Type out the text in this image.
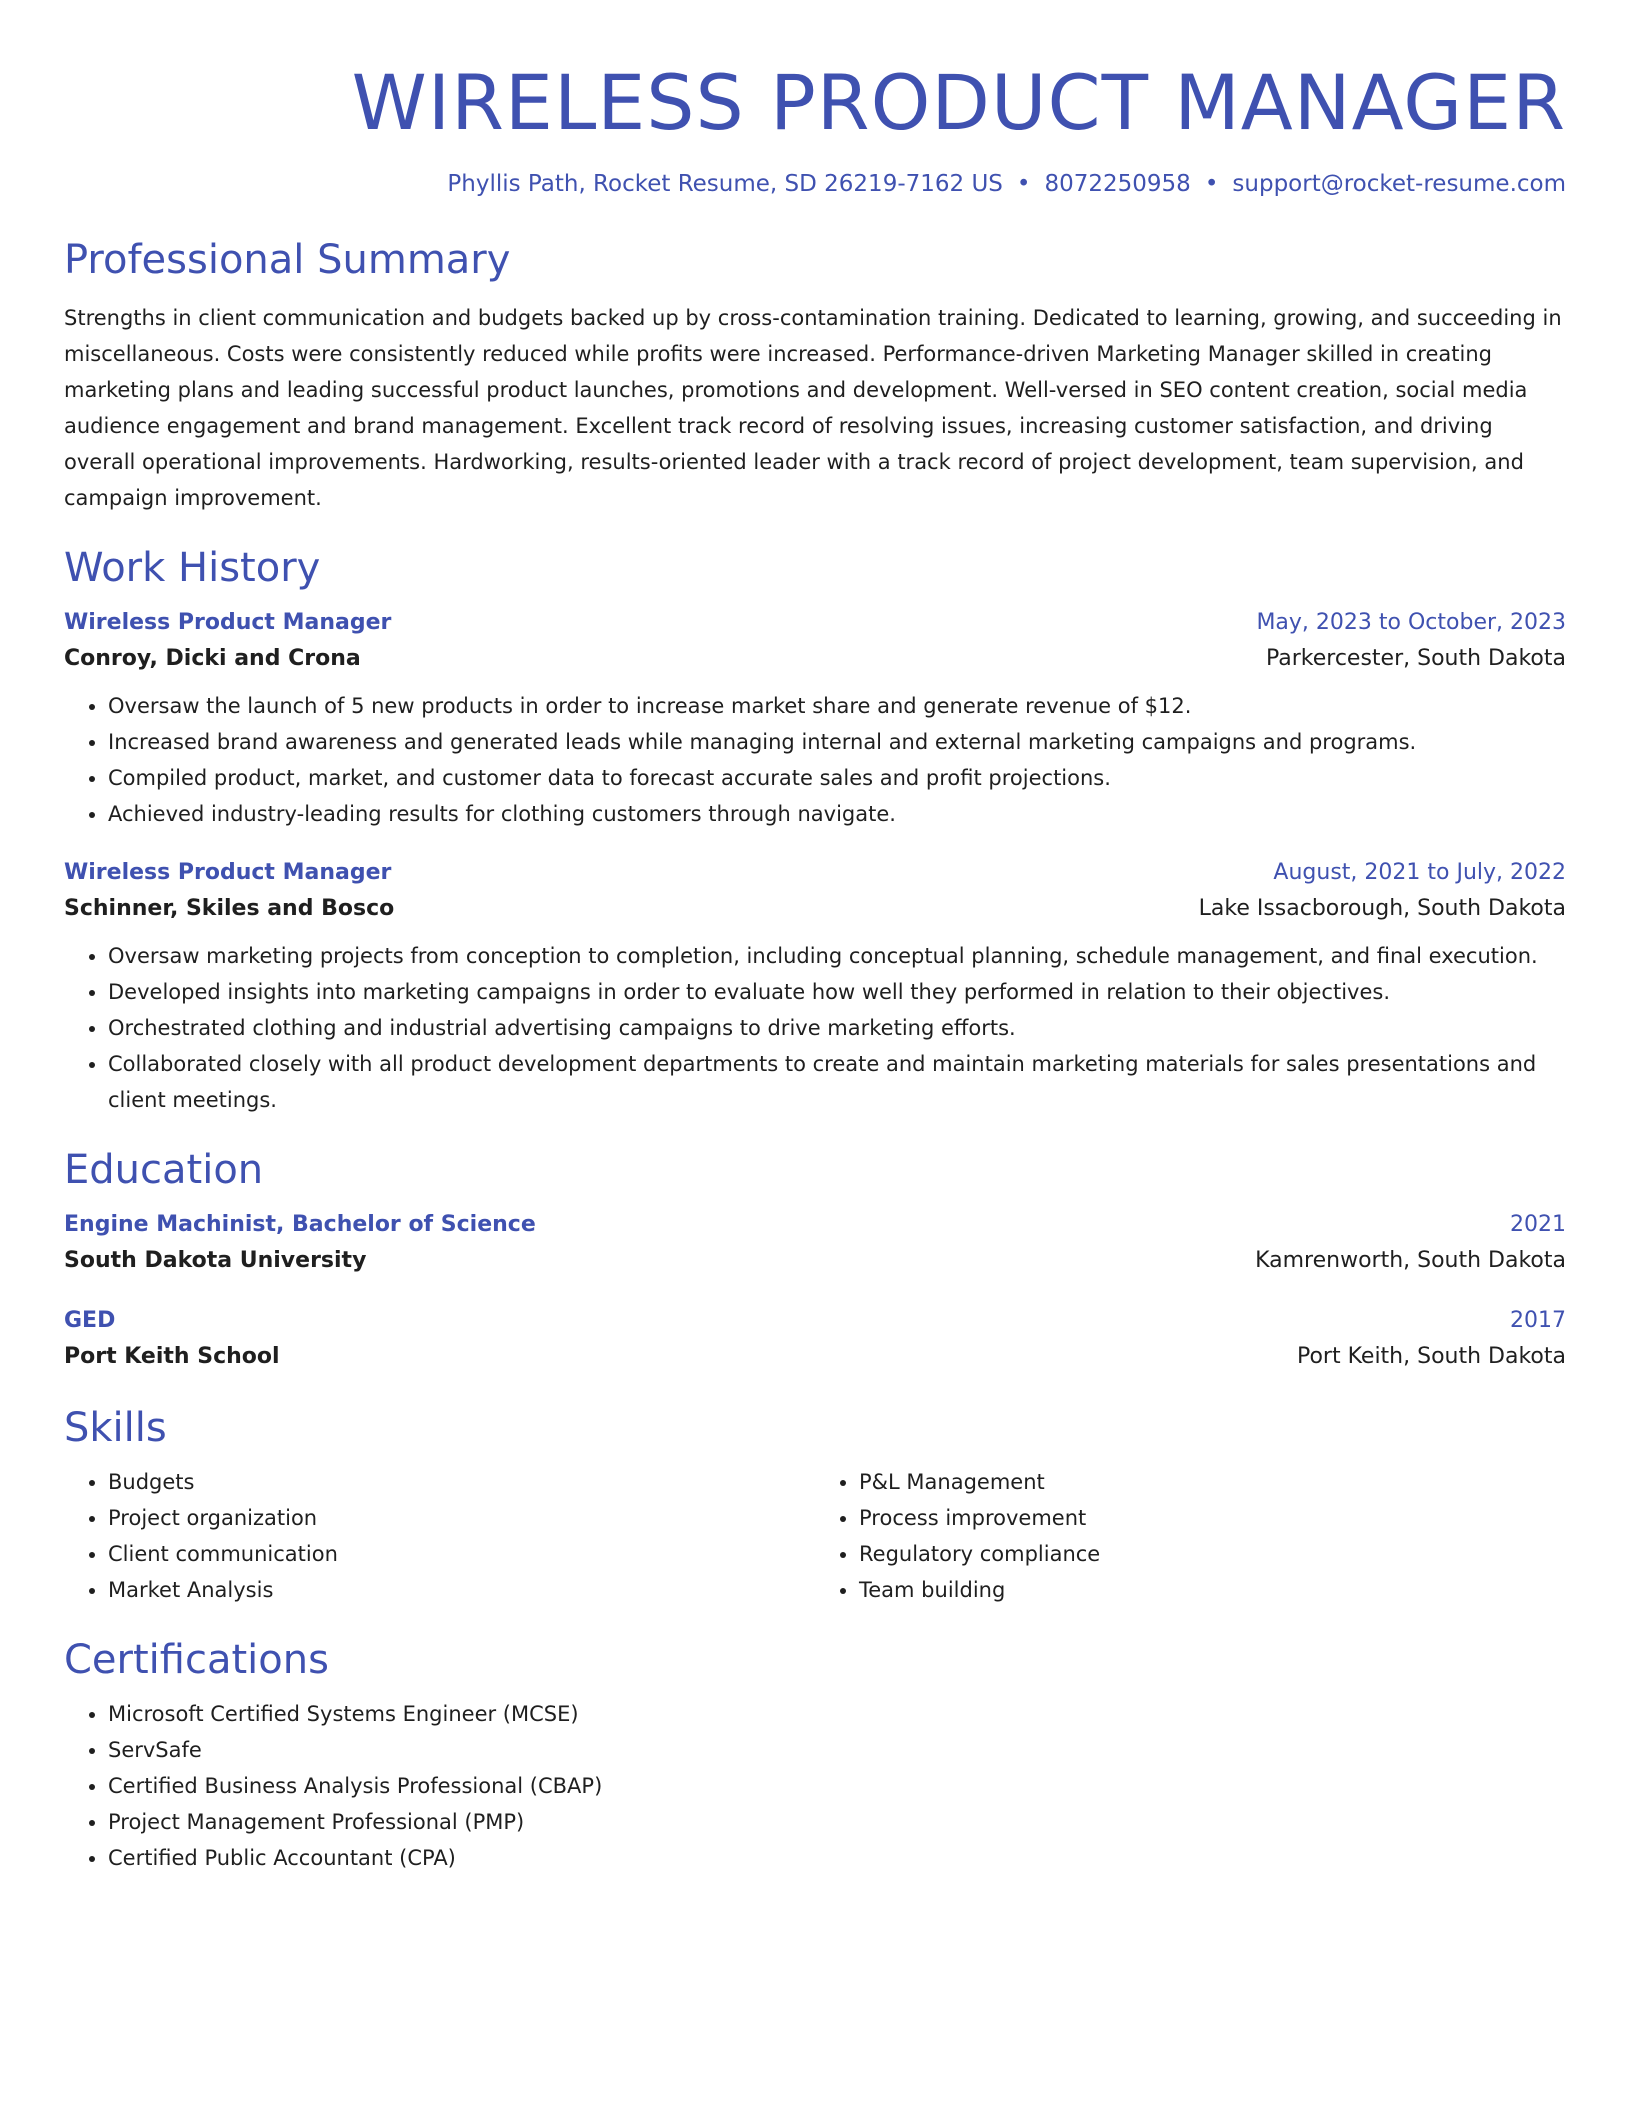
WIRELESS PRODUCT MANAGER
Phyllis Path, Rocket Resume, SD 26219-7162 US • 8072250958 • support@rocket-resume.com
Professional Summary

Strengths in client communication and budgets backed up by cross-contamination training. Dedicated to learning, growing, and succeeding in miscellaneous. Costs were consistently reduced while profits were increased. Performance-driven Marketing Manager skilled in creating marketing plans and leading successful product launches, promotions and development. Well-versed in SEO content creation, social media audience engagement and brand management. Excellent track record of resolving issues, increasing customer satisfaction, and driving overall operational improvements. Hardworking, results-oriented leader with a track record of project development, team supervision, and campaign improvement.

Work History
Wireless Product Manager	May, 2023 to October, 2023
Conroy, Dicki and Crona	Parkercester, South Dakota
• Oversaw the launch of 5 new products in order to increase market share and generate revenue of $12.
• Increased brand awareness and generated leads while managing internal and external marketing campaigns and programs.
• Compiled product, market, and customer data to forecast accurate sales and profit projections.
• Achieved industry-leading results for clothing customers through navigate.
Wireless Product Manager	August, 2021 to July, 2022
Schinner, Skiles and Bosco	Lake Issacborough, South Dakota
• Oversaw marketing projects from conception to completion, including conceptual planning, schedule management, and final execution.
• Developed insights into marketing campaigns in order to evaluate how well they performed in relation to their objectives.
• Orchestrated clothing and industrial advertising campaigns to drive marketing efforts.
• Collaborated closely with all product development departments to create and maintain marketing materials for sales presentations and client meetings.
Education
Engine Machinist, Bachelor of Science	2021
South Dakota University	Kamrenworth, South Dakota
GED	2017
Port Keith School	Port Keith, South Dakota
Skills
• Budgets
• Project organization
• Client communication
• Market Analysis
• P&L Management
• Process improvement
• Regulatory compliance
• Team building
Certifications
• Microsoft Certified Systems Engineer (MCSE)
• ServSafe
• Certified Business Analysis Professional (CBAP)
• Project Management Professional (PMP)
• Certified Public Accountant (CPA)
